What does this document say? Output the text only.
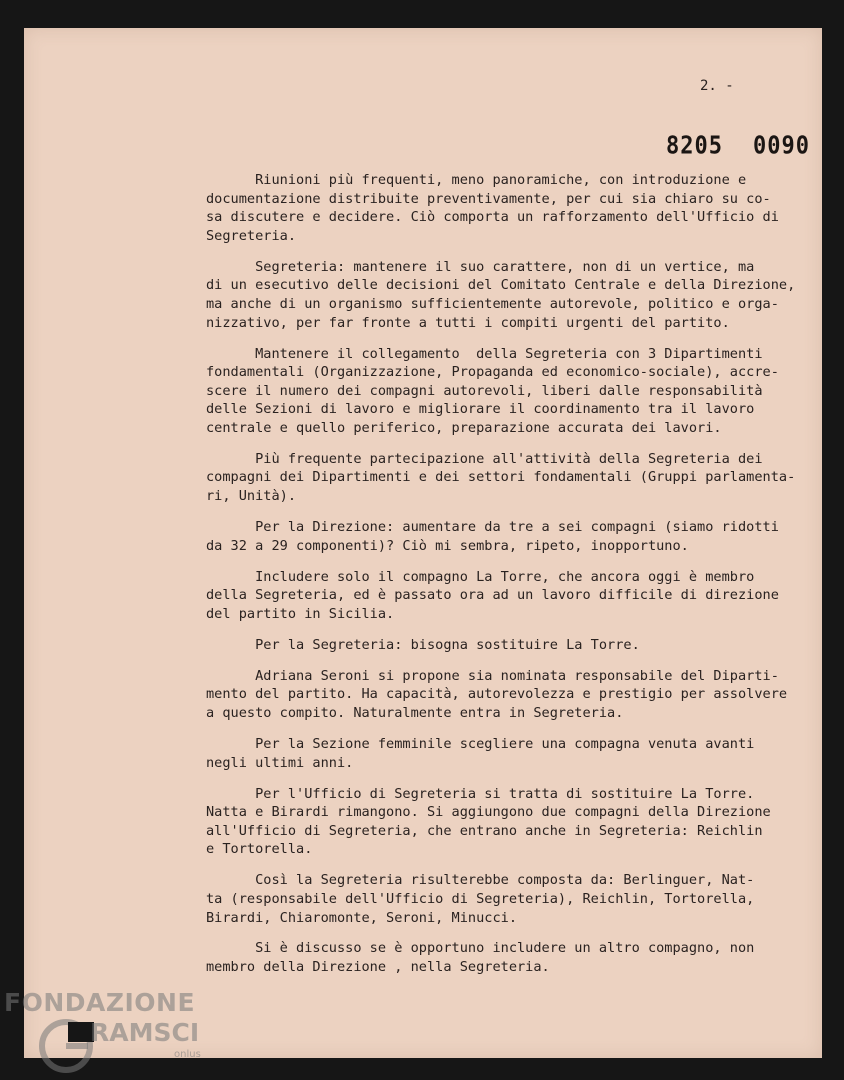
2. -
8205 0090

Riunioni più frequenti, meno panoramiche, con introduzione e
documentazione distribuite preventivamente, per cui sia chiaro su co-
sa discutere e decidere. Ciò comporta un rafforzamento dell'Ufficio di
Segreteria.

Segreteria: mantenere il suo carattere, non di un vertice, ma
di un esecutivo delle decisioni del Comitato Centrale e della Direzione,
ma anche di un organismo sufficientemente autorevole, politico e orga-
nizzativo, per far fronte a tutti i compiti urgenti del partito.

Mantenere il collegamento  della Segreteria con 3 Dipartimenti
fondamentali (Organizzazione, Propaganda ed economico-sociale), accre-
scere il numero dei compagni autorevoli, liberi dalle responsabilità
delle Sezioni di lavoro e migliorare il coordinamento tra il lavoro
centrale e quello periferico, preparazione accurata dei lavori.

Più frequente partecipazione all'attività della Segreteria dei
compagni dei Dipartimenti e dei settori fondamentali (Gruppi parlamenta-
ri, Unità).

Per la Direzione: aumentare da tre a sei compagni (siamo ridotti
da 32 a 29 componenti)? Ciò mi sembra, ripeto, inopportuno.

Includere solo il compagno La Torre, che ancora oggi è membro
della Segreteria, ed è passato ora ad un lavoro difficile di direzione
del partito in Sicilia.

Per la Segreteria: bisogna sostituire La Torre.

Adriana Seroni si propone sia nominata responsabile del Diparti-
mento del partito. Ha capacità, autorevolezza e prestigio per assolvere
a questo compito. Naturalmente entra in Segreteria.

Per la Sezione femminile scegliere una compagna venuta avanti
negli ultimi anni.

Per l'Ufficio di Segreteria si tratta di sostituire La Torre.
Natta e Birardi rimangono. Si aggiungono due compagni della Direzione
all'Ufficio di Segreteria, che entrano anche in Segreteria: Reichlin
e Tortorella.

Così la Segreteria risulterebbe composta da: Berlinguer, Nat-
ta (responsabile dell'Ufficio di Segreteria), Reichlin, Tortorella,
Birardi, Chiaromonte, Seroni, Minucci.

Si è discusso se è opportuno includere un altro compagno, non
membro della Direzione , nella Segreteria.

FONDAZIONE
RAMSCI
onlus
